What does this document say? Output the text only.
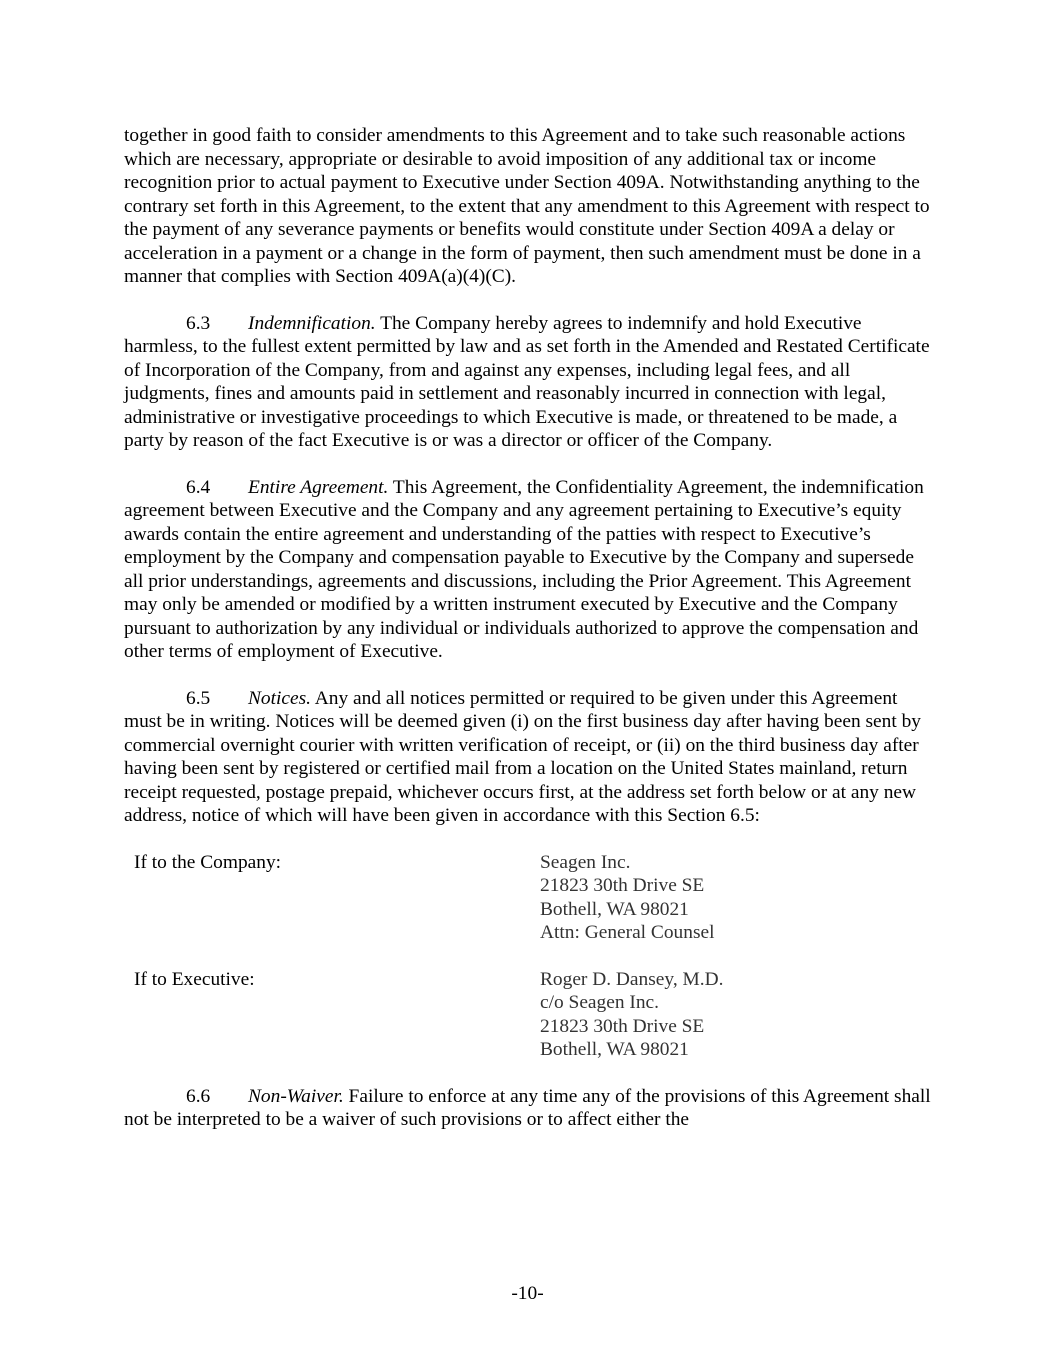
together in good faith to consider amendments to this Agreement and to take such reasonable actions which are necessary, appropriate or desirable to avoid imposition of any additional tax or income recognition prior to actual payment to Executive under Section 409A. Notwithstanding anything to the contrary set forth in this Agreement, to the extent that any amendment to this Agreement with respect to the payment of any severance payments or benefits would constitute under Section 409A a delay or acceleration in a payment or a change in the form of payment, then such amendment must be done in a manner that complies with Section 409A(a)(4)(C).

6.3 Indemnification. The Company hereby agrees to indemnify and hold Executive harmless, to the fullest extent permitted by law and as set forth in the Amended and Restated Certificate of Incorporation of the Company, from and against any expenses, including legal fees, and all judgments, fines and amounts paid in settlement and reasonably incurred in connection with legal, administrative or investigative proceedings to which Executive is made, or threatened to be made, a party by reason of the fact Executive is or was a director or officer of the Company.

6.4 Entire Agreement. This Agreement, the Confidentiality Agreement, the indemnification agreement between Executive and the Company and any agreement pertaining to Executive’s equity awards contain the entire agreement and understanding of the patties with respect to Executive’s employment by the Company and compensation payable to Executive by the Company and supersede all prior understandings, agreements and discussions, including the Prior Agreement. This Agreement may only be amended or modified by a written instrument executed by Executive and the Company pursuant to authorization by any individual or individuals authorized to approve the compensation and other terms of employment of Executive.

6.5 Notices. Any and all notices permitted or required to be given under this Agreement must be in writing. Notices will be deemed given (i) on the first business day after having been sent by commercial overnight courier with written verification of receipt, or (ii) on the third business day after having been sent by registered or certified mail from a location on the United States mainland, return receipt requested, postage prepaid, whichever occurs first, at the address set forth below or at any new address, notice of which will have been given in accordance with this Section 6.5:

If to the Company:	Seagen Inc.
21823 30th Drive SE
Bothell, WA 98021
Attn: General Counsel
If to Executive:	Roger D. Dansey, M.D.
c/o Seagen Inc.
21823 30th Drive SE
Bothell, WA 98021

6.6 Non-Waiver. Failure to enforce at any time any of the provisions of this Agreement shall not be interpreted to be a waiver of such provisions or to affect either the

-10-
